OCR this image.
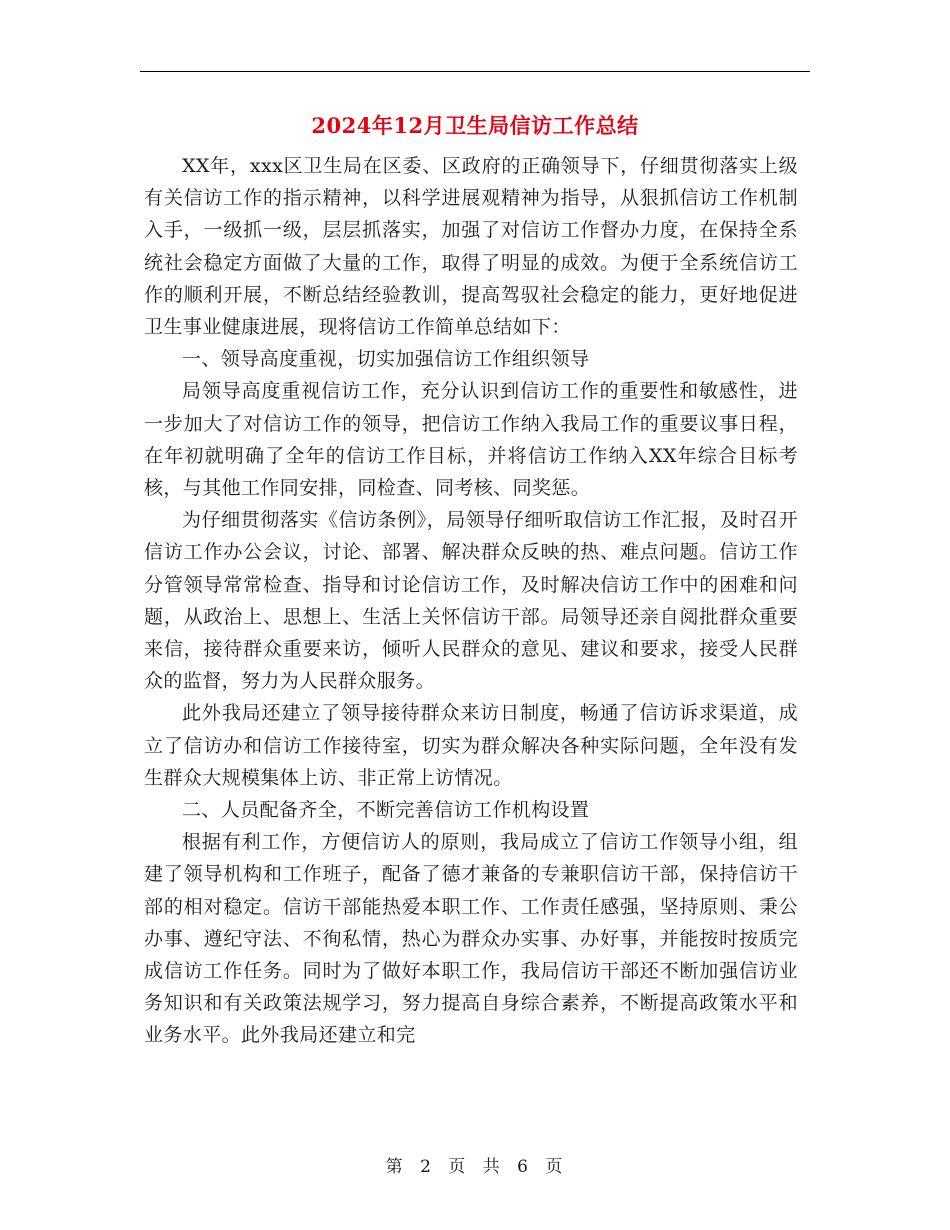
2024年12月卫生局信访工作总结

XX年，xxx区卫生局在区委、区政府的正确领导下，仔细贯彻落实上级有关信访工作的指示精神，以科学进展观精神为指导，从狠抓信访工作机制入手，一级抓一级，层层抓落实，加强了对信访工作督办力度，在保持全系统社会稳定方面做了大量的工作，取得了明显的成效。为便于全系统信访工作的顺利开展，不断总结经验教训，提高驾驭社会稳定的能力，更好地促进卫生事业健康进展，现将信访工作简单总结如下：

一、领导高度重视，切实加强信访工作组织领导

局领导高度重视信访工作，充分认识到信访工作的重要性和敏感性，进一步加大了对信访工作的领导，把信访工作纳入我局工作的重要议事日程，在年初就明确了全年的信访工作目标，并将信访工作纳入XX年综合目标考核，与其他工作同安排，同检查、同考核、同奖惩。

为仔细贯彻落实《信访条例》，局领导仔细听取信访工作汇报，及时召开信访工作办公会议，讨论、部署、解决群众反映的热、难点问题。信访工作分管领导常常检查、指导和讨论信访工作，及时解决信访工作中的困难和问题，从政治上、思想上、生活上关怀信访干部。局领导还亲自阅批群众重要来信，接待群众重要来访，倾听人民群众的意见、建议和要求，接受人民群众的监督，努力为人民群众服务。

此外我局还建立了领导接待群众来访日制度，畅通了信访诉求渠道，成立了信访办和信访工作接待室，切实为群众解决各种实际问题，全年没有发生群众大规模集体上访、非正常上访情况。

二、人员配备齐全，不断完善信访工作机构设置

根据有利工作，方便信访人的原则，我局成立了信访工作领导小组，组建了领导机构和工作班子，配备了德才兼备的专兼职信访干部，保持信访干部的相对稳定。信访干部能热爱本职工作、工作责任感强，坚持原则、秉公办事、遵纪守法、不徇私情，热心为群众办实事、办好事，并能按时按质完成信访工作任务。同时为了做好本职工作，我局信访干部还不断加强信访业务知识和有关政策法规学习，努力提高自身综合素养，不断提高政策水平和业务水平。此外我局还建立和完

第 2 页 共 6 页
